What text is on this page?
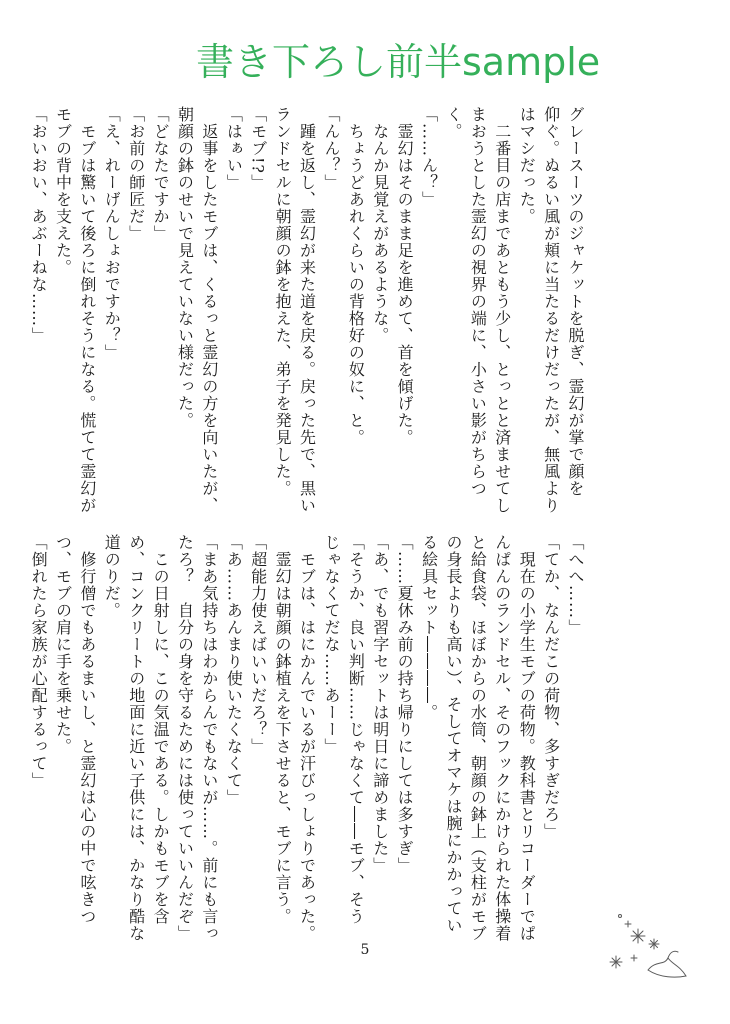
書き下ろし前半sample
グレースーツのジャケットを脱ぎ、霊幻が掌で顔を
仰ぐ。ぬるい風が頬に当たるだけだったが、無風より
はマシだった。
　二番目の店まであともう少し、とっとと済ませてし
まおうとした霊幻の視界の端に、小さい影がちらつ
く。
「……ん？」
　霊幻はそのまま足を進めて、首を傾げた。
　なんか見覚えがあるような。
　ちょうどあれくらいの背格好の奴に、と。
「んん？」
　踵を返し、霊幻が来た道を戻る。戻った先で、黒い
ランドセルに朝顔の鉢を抱えた、弟子を発見した。
「モブ!?」
「はぁい」
　返事をしたモブは、くるっと霊幻の方を向いたが、
朝顔の鉢のせいで見えていない様だった。
「どなたですか」
「お前の師匠だ」
「え、れーげんしょおですか？」
　モブは驚いて後ろに倒れそうになる。慌てて霊幻が
モブの背中を支えた。
「おいおい、あぶーねな……」
「へへ……」
「てか、なんだこの荷物、多すぎだろ」
　現在の小学生モブの荷物。教科書とリコーダーでぱ
んぱんのランドセル、そのフックにかけられた体操着
と給食袋、ほぼからの水筒、朝顔の鉢上（支柱がモブ
の身長よりも高い）、そしてオマケは腕にかかってい
る絵具セット――――。
「……夏休み前の持ち帰りにしては多すぎ」
「あ、でも習字セットは明日に諦めました」
「そうか、良い判断……じゃなくて――モブ、そう
じゃなくてだな……あーー」
　モブは、はにかんでいるが汗びっしょりであった。
　霊幻は朝顔の鉢植えを下させると、モブに言う。
「超能力使えばいいだろ？」
「あ……あんまり使いたくなくて」
「まあ気持ちはわからんでもないが……。前にも言っ
たろ？　自分の身を守るためには使っていいんだぞ」
　この日射しに、この気温である。しかもモブを含
め、コンクリートの地面に近い子供には、かなり酷な
道のりだ。
　修行僧でもあるまいし、と霊幻は心の中で呟きつ
つ、モブの肩に手を乗せた。
「倒れたら家族が心配するって」
5
